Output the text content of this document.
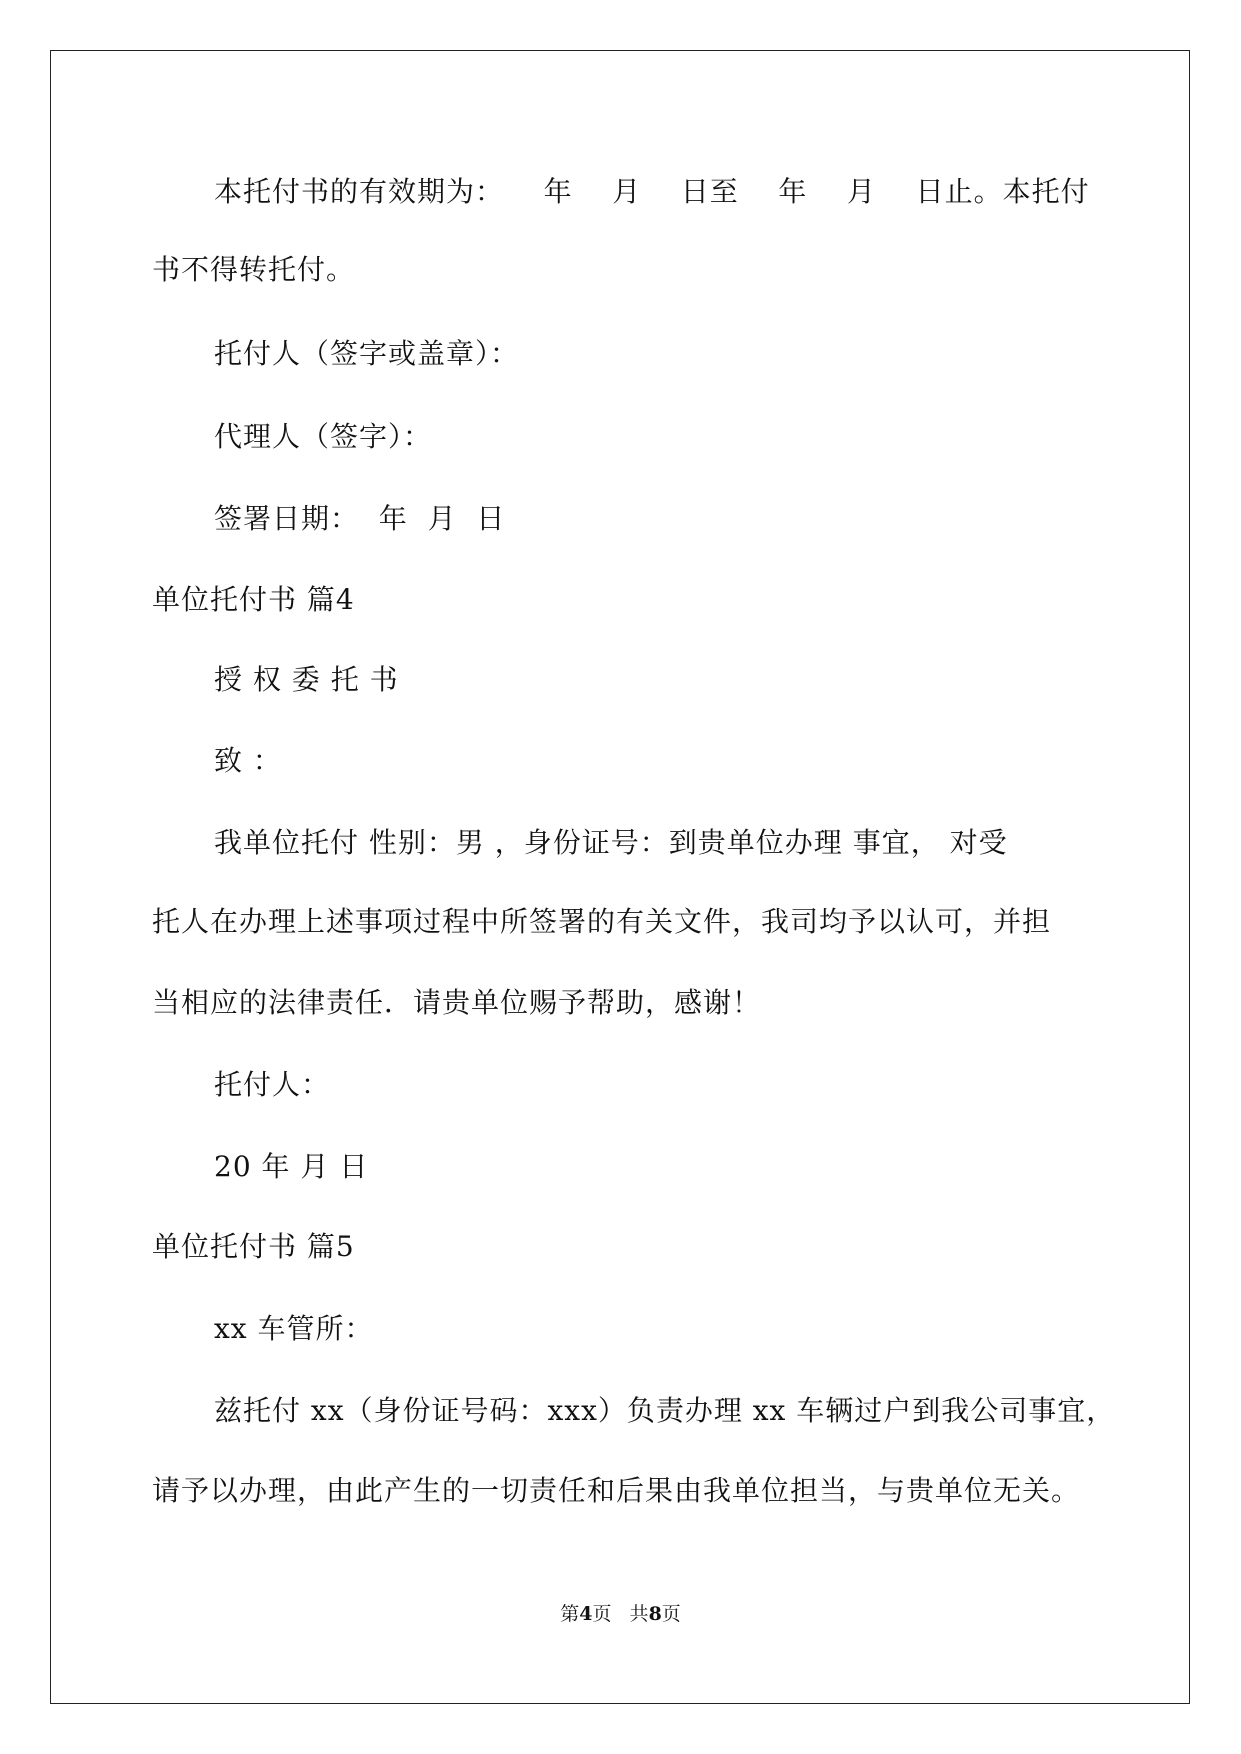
本托付书的有效期为：    年    月    日至    年    月    日止。本托付
书不得转托付。
托付人（签字或盖章）：
代理人（签字）：
签署日期：  年  月  日
单位托付书 篇4
授 权 委 托 书
致 ：
我单位托付 性别：男 ，身份证号：到贵单位办理 事宜， 对受
托人在办理上述事项过程中所签署的有关文件，我司均予以认可，并担
当相应的法律责任．请贵单位赐予帮助，感谢！
托付人：
20 年 月 日
单位托付书 篇5
xx 车管所：
兹托付 xx（身份证号码：xxx）负责办理 xx 车辆过户到我公司事宜，
请予以办理，由此产生的一切责任和后果由我单位担当，与贵单位无关。
第4页   共8页
